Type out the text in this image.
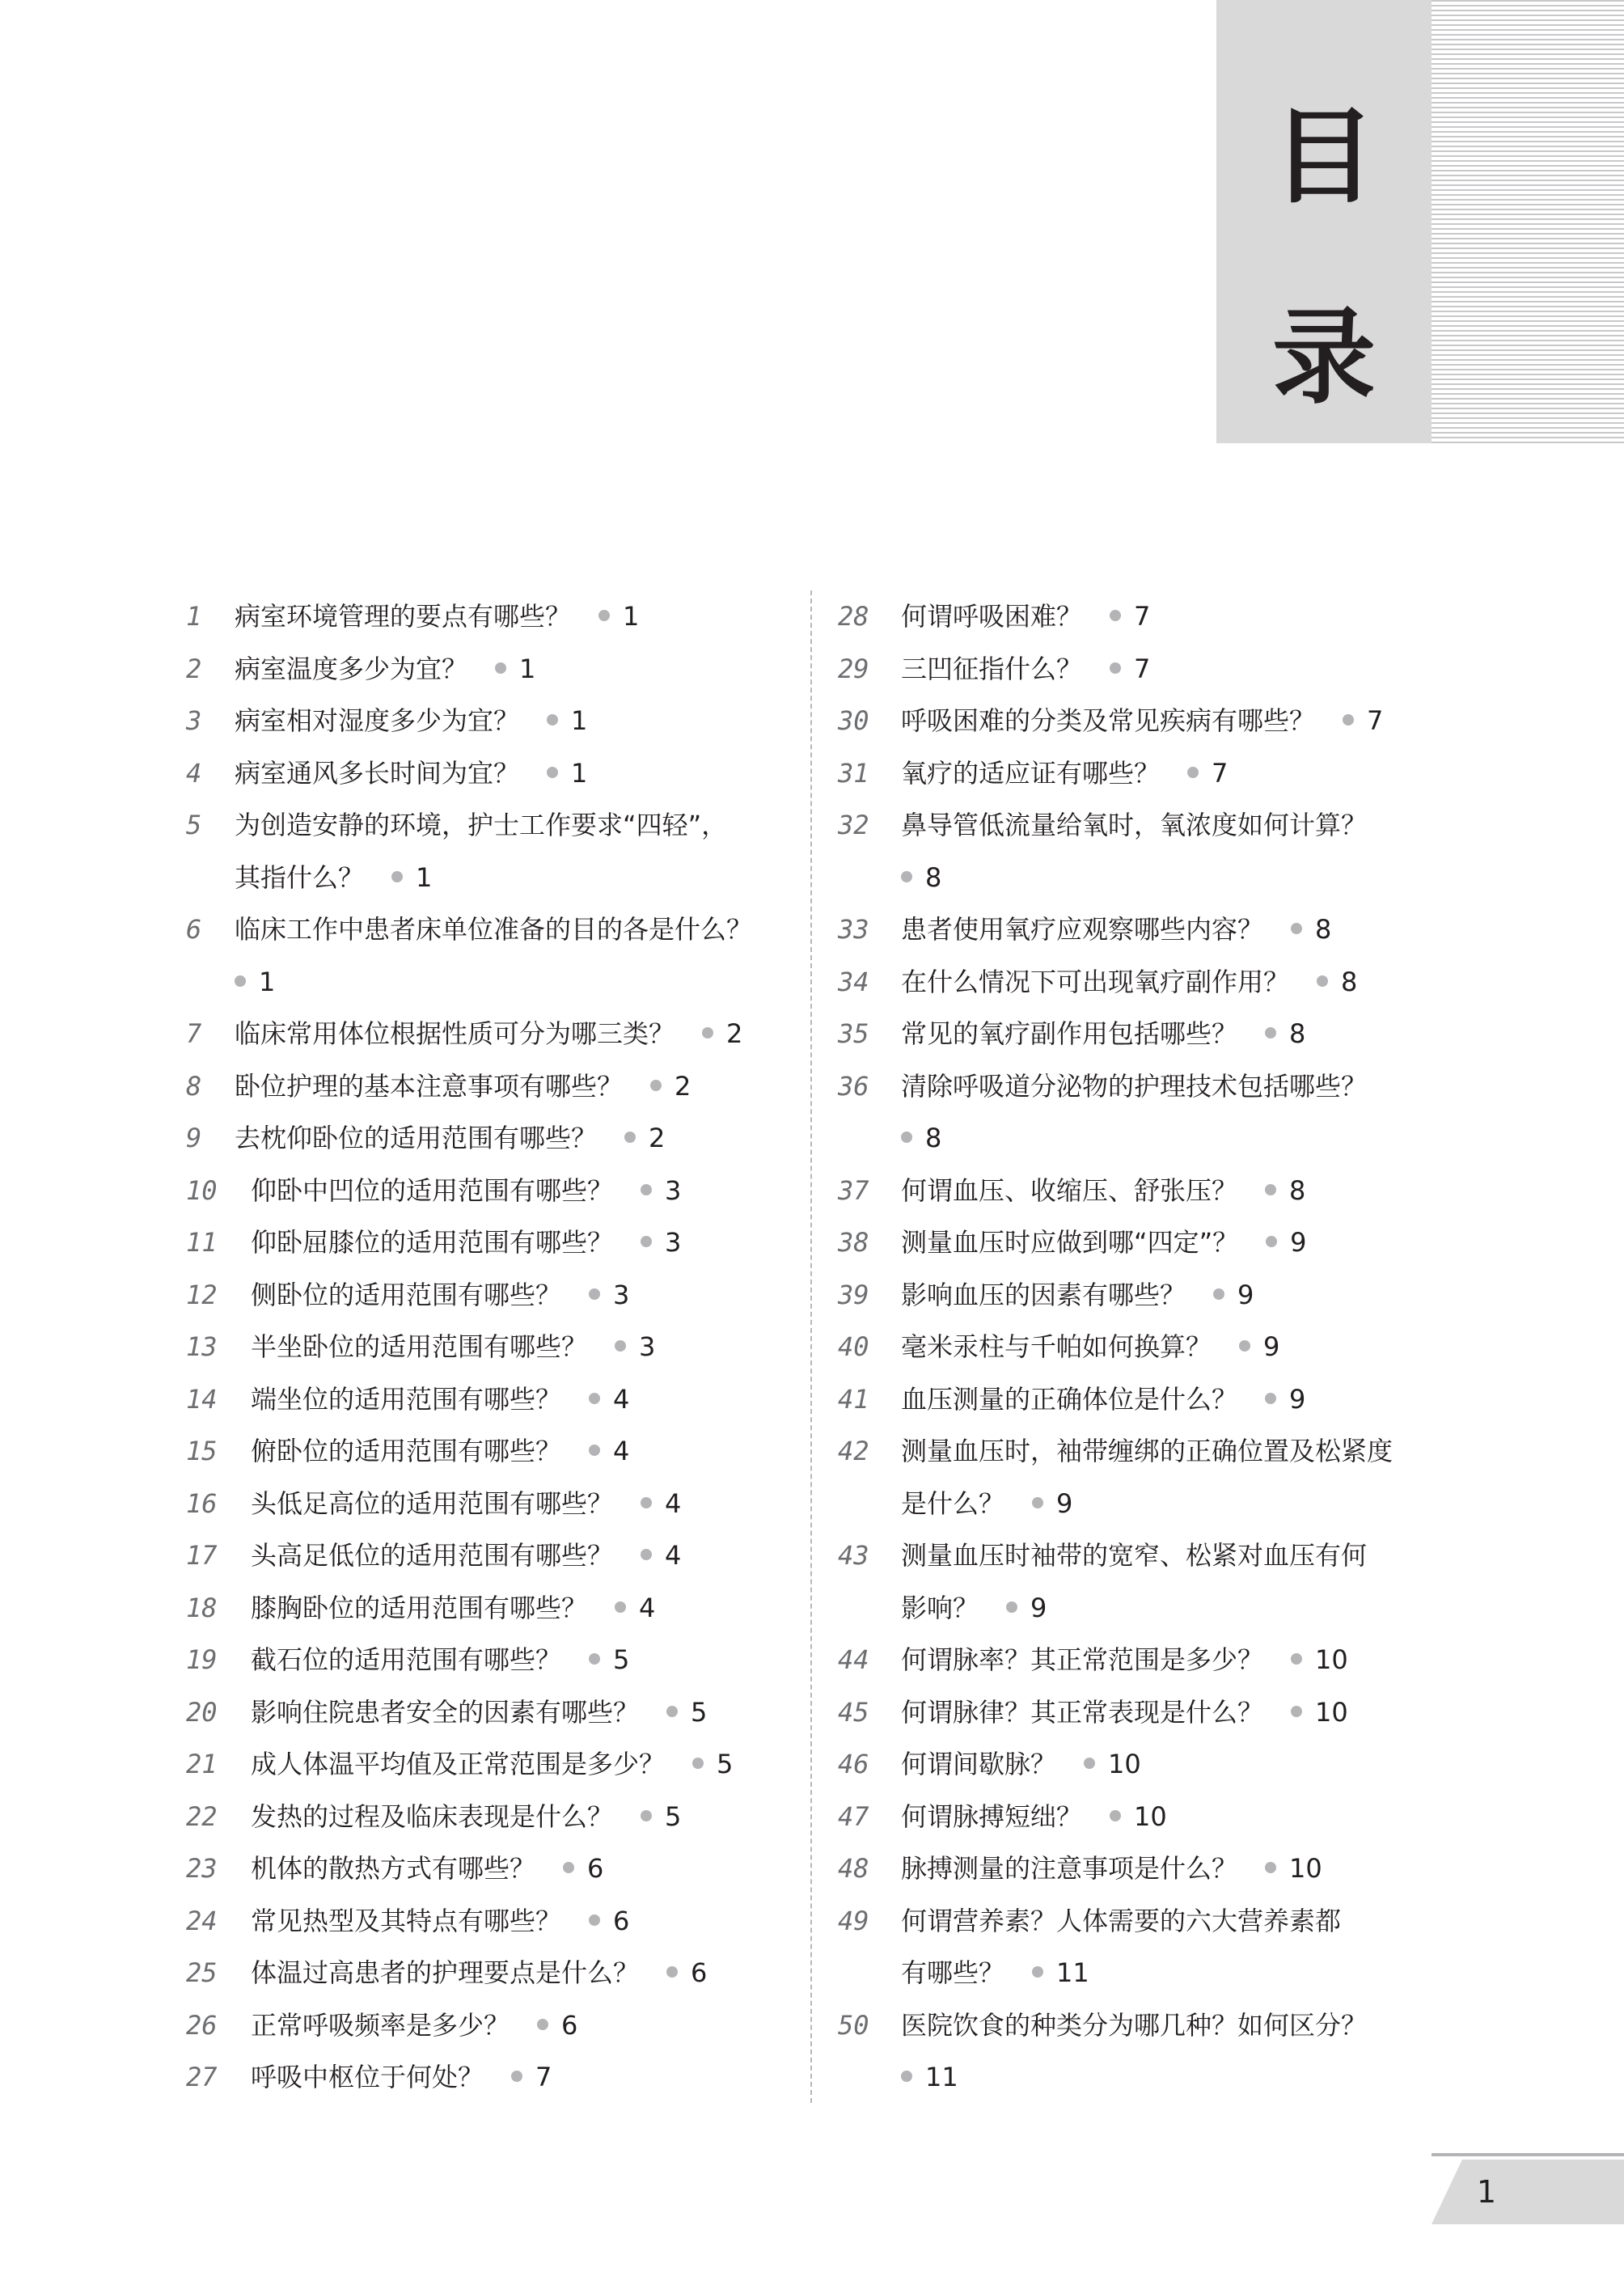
目
录
1	病室环境管理的要点有哪些？ 1
2	病室温度多少为宜？ 1
3	病室相对湿度多少为宜？ 1
4	病室通风多长时间为宜？ 1
5	为创造安静的环境，护士工作要求“四轻”，
其指什么？ 1
6	临床工作中患者床单位准备的目的各是什么？
1
7	临床常用体位根据性质可分为哪三类？ 2
8	卧位护理的基本注意事项有哪些？ 2
9	去枕仰卧位的适用范围有哪些？ 2
10	仰卧中凹位的适用范围有哪些？ 3
11	仰卧屈膝位的适用范围有哪些？ 3
12	侧卧位的适用范围有哪些？ 3
13	半坐卧位的适用范围有哪些？ 3
14	端坐位的适用范围有哪些？ 4
15	俯卧位的适用范围有哪些？ 4
16	头低足高位的适用范围有哪些？ 4
17	头高足低位的适用范围有哪些？ 4
18	膝胸卧位的适用范围有哪些？ 4
19	截石位的适用范围有哪些？ 5
20	影响住院患者安全的因素有哪些？ 5
21	成人体温平均值及正常范围是多少？ 5
22	发热的过程及临床表现是什么？ 5
23	机体的散热方式有哪些？ 6
24	常见热型及其特点有哪些？ 6
25	体温过高患者的护理要点是什么？ 6
26	正常呼吸频率是多少？ 6
27	呼吸中枢位于何处？ 7
28	何谓呼吸困难？ 7
29	三凹征指什么？ 7
30	呼吸困难的分类及常见疾病有哪些？ 7
31	氧疗的适应证有哪些？ 7
32	鼻导管低流量给氧时，氧浓度如何计算？
8
33	患者使用氧疗应观察哪些内容？ 8
34	在什么情况下可出现氧疗副作用？ 8
35	常见的氧疗副作用包括哪些？ 8
36	清除呼吸道分泌物的护理技术包括哪些？
8
37	何谓血压、收缩压、舒张压？ 8
38	测量血压时应做到哪“四定”？ 9
39	影响血压的因素有哪些？ 9
40	毫米汞柱与千帕如何换算？ 9
41	血压测量的正确体位是什么？ 9
42	测量血压时，袖带缠绑的正确位置及松紧度
是什么？ 9
43	测量血压时袖带的宽窄、松紧对血压有何
影响？ 9
44	何谓脉率？其正常范围是多少？ 10
45	何谓脉律？其正常表现是什么？ 10
46	何谓间歇脉？ 10
47	何谓脉搏短绌？ 10
48	脉搏测量的注意事项是什么？ 10
49	何谓营养素？人体需要的六大营养素都
有哪些？ 11
50	医院饮食的种类分为哪几种？如何区分？
11
1
